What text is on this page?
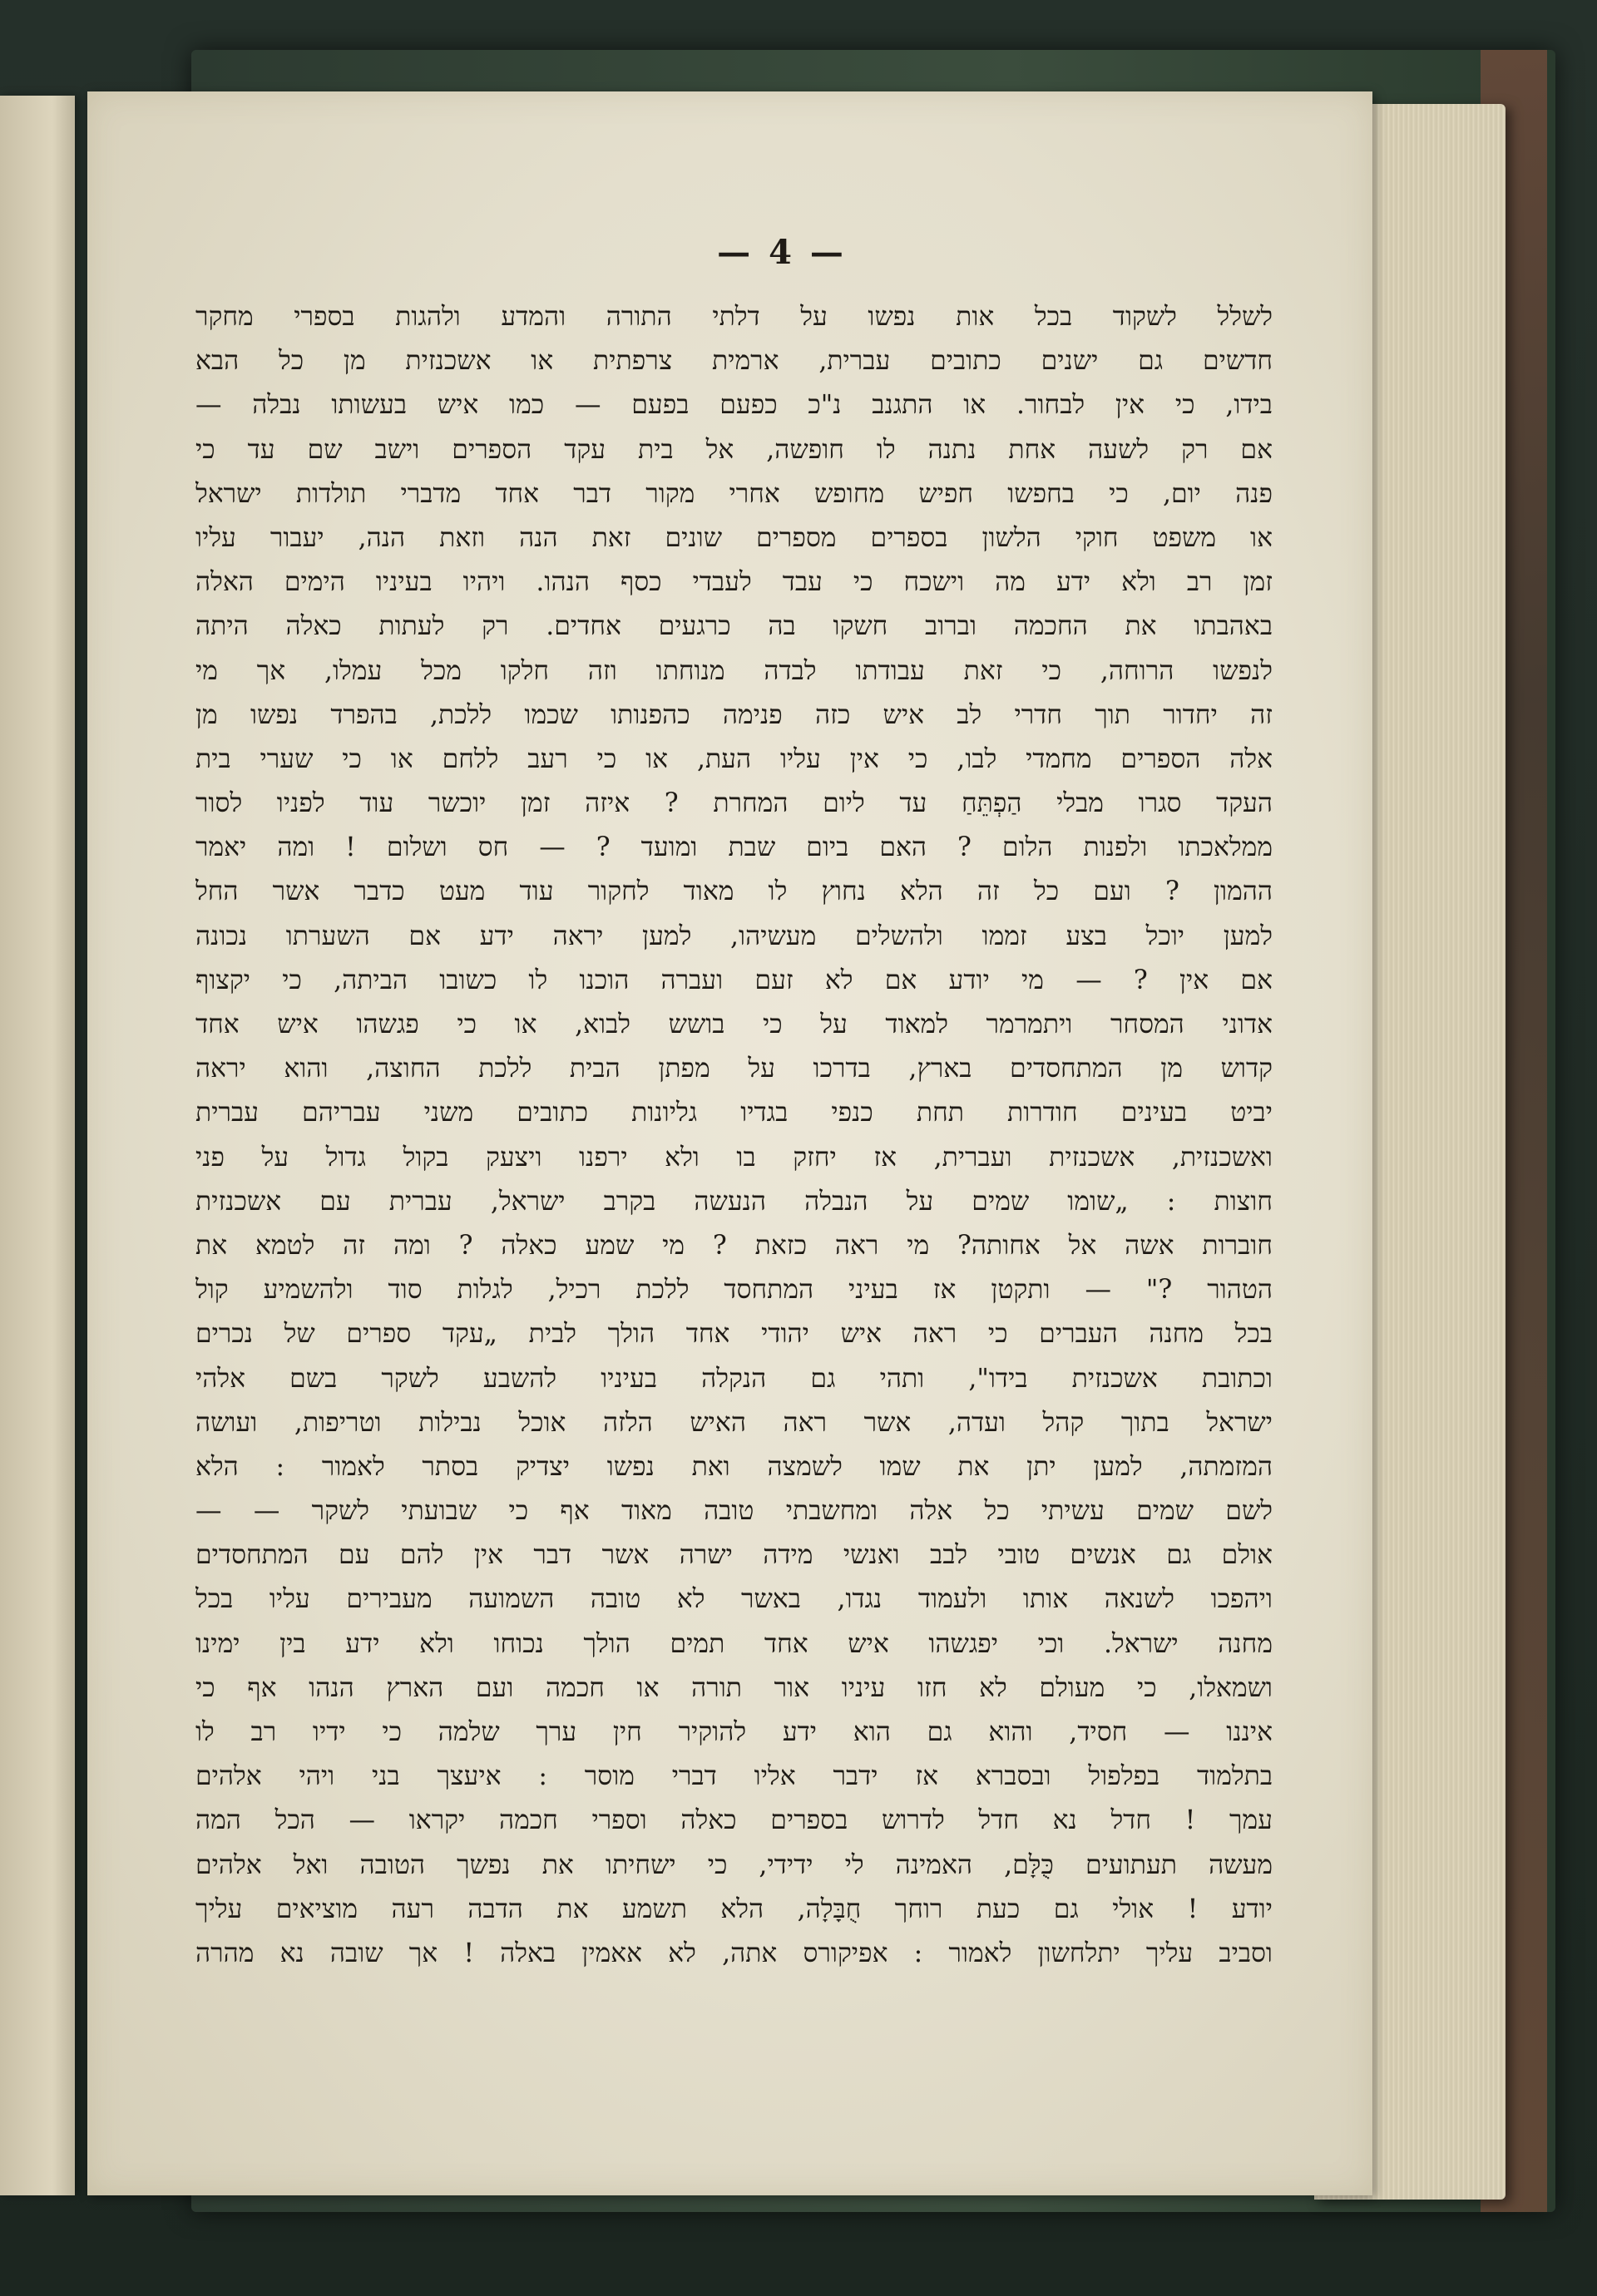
— 4 —
לשלל לשקוד בכל אות נפשו על דלתי התורה והמדע ולהגות בספרי מחקר
חדשים גם ישנים כתובים עברית, ארמית צרפתית או אשכנזית מן כל הבא
בידו, כי אין לבחור. או התגנב נ"כ כפעם בפעם — כמו איש בעשותו נבלה —
אם רק לשעה אחת נתנה לו חופשה, אל בית עקד הספרים וישב שם עד כי
פנה יום, כי בחפשו חפיש מחופש אחרי מקור דבר אחד מדברי תולדות ישראל
או משפט חוקי הלשון בספרים מספרים שונים זאת הנה וזאת הנה, יעבור עליו
זמן רב ולא ידע מה וישכח כי עבד לעבדי כסף הנהו. ויהיו בעיניו הימים האלה
באהבתו את החכמה וברוב חשקו בה כרגעים אחדים. רק לעתות כאלה היתה
לנפשו הרוחה, כי זאת עבודתו לבדה מנוחתו וזה חלקו מכל עמלו, אך מי
זה יחדור תוך חדרי לב איש כזה פנימה כהפנותו שכמו ללכת, בהפרד נפשו מן
אלה הספרים מחמדי לבו, כי אין עליו העת, או כי רעב ללחם או כי שערי בית
העקד סגרו מבלי הַפְתֵּחַ עד ליום המחרת ? איזה זמן יוכשר עוד לפניו לסור
ממלאכתו ולפנות הלום ? האם ביום שבת ומועד ? — חס ושלום ! ומה יאמר
ההמון ? ועם כל זה הלא נחוץ לו מאוד לחקור עוד מעט כדבר אשר החל
למען יוכל בצע זממו ולהשלים מעשיהו, למען יראה ידע אם השערתו נכונה
אם אין ? — מי יודע אם לא זעם ועברה הוכנו לו כשובו הביתה, כי יקצוף
אדוני המסחר ויתמרמר למאוד על כי בושש לבוא, או כי פגשהו איש אחד
קדוש מן המתחסדים בארץ, בדרכו על מפתן הבית ללכת החוצה, והוא יראה
יביט בעינים חודרות תחת כנפי בגדיו גליונות כתובים משני עבריהם עברית
ואשכנזית, אשכנזית ועברית, אז יחזק בו ולא ירפנו ויצעק בקול גדול על פני
חוצות : „שומו שמים על הנבלה הנעשה בקרב ישראל, עברית עם אשכנזית
חוברות אשה אל אחותה? מי ראה כזאת ? מי שמע כאלה ? ומה זה לטמא את
הטהור ?" — ותקטן אז בעיני המתחסד ללכת רכיל, לגלות סוד ולהשמיע קול
בכל מחנה העברים כי ראה איש יהודי אחד הולך לבית „עקד ספרים של נכרים
וכתובת אשכנזית בידו", ותהי גם הנקלה בעיניו להשבע לשקר בשם אלהי
ישראל בתוך קהל ועדה, אשר ראה האיש הלזה אוכל נבילות וטריפות, ועושה
המזמתה, למען יתן את שמו לשמצה ואת נפשו יצדיק בסתר לאמור : הלא
לשם שמים עשיתי כל אלה ומחשבתי טובה מאוד אף כי שבועתי לשקר — —
אולם גם אנשים טובי לבב ואנשי מידה ישרה אשר דבר אין להם עם המתחסדים
ויהפכו לשנאה אותו ולעמוד נגדו, באשר לא טובה השמועה מעבירים עליו בכל
מחנה ישראל. וכי יפגשהו איש אחד תמים הולך נכוחו ולא ידע בין ימינו
ושמאלו, כי מעולם לא חזו עיניו אור תורה או חכמה ועם הארץ הנהו אף כי
איננו — חסיד, והוא גם הוא ידע להוקיר חין ערך שלמה כי ידיו רב לו
בתלמוד בפלפול ובסברא אז ידבר אליו דברי מוסר : איעצך בני ויהי אלהים
עמך ! חדל נא חדל לדרוש בספרים כאלה וספרי חכמה יקראו — הכל המה
מעשה תעתועים כֻּלָּם, האמינה לי ידידי, כי ישחיתו את נפשך הטובה ואל אלהים
יודע ! אולי גם כעת רוחך חֻבָּלָה, הלא תשמע את הדבה רעה מוציאים עליך
וסביב עליך יתלחשון לאמור : אפיקורס אתה, לא אאמין באלה ! אך שובה נא מהרה
